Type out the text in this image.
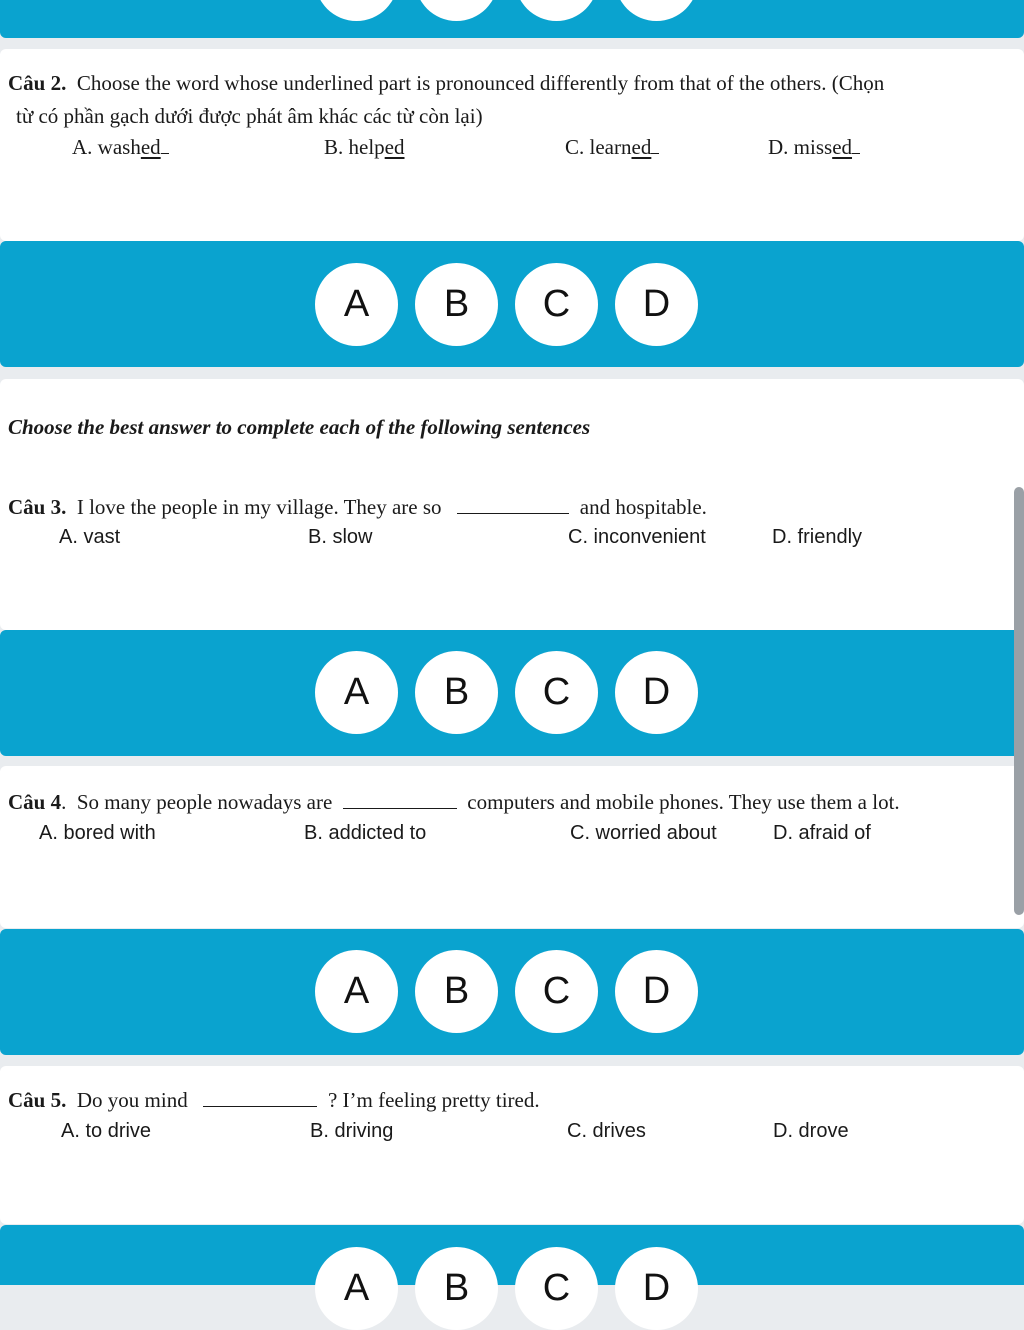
Câu 2. Choose the word whose underlined part is pronounced differently from that of the others. (Chọn
từ có phần gạch dưới được phát âm khác các từ còn lại)
A. washed	B. helped	C. learned	D. missed
A	B	C	D
Choose the best answer to complete each of the following sentences
Câu 3. I love the people in my village. They are so	and hospitable.
A. vast	B. slow	C. inconvenient	D. friendly
A	B	C	D
Câu 4. So many people nowadays are	computers and mobile phones. They use them a lot.
A. bored with	B. addicted to	C. worried about	D. afraid of
A	B	C	D
Câu 5. Do you mind	? I’m feeling pretty tired.
A. to drive	B. driving	C. drives	D. drove
A	B	C	D
